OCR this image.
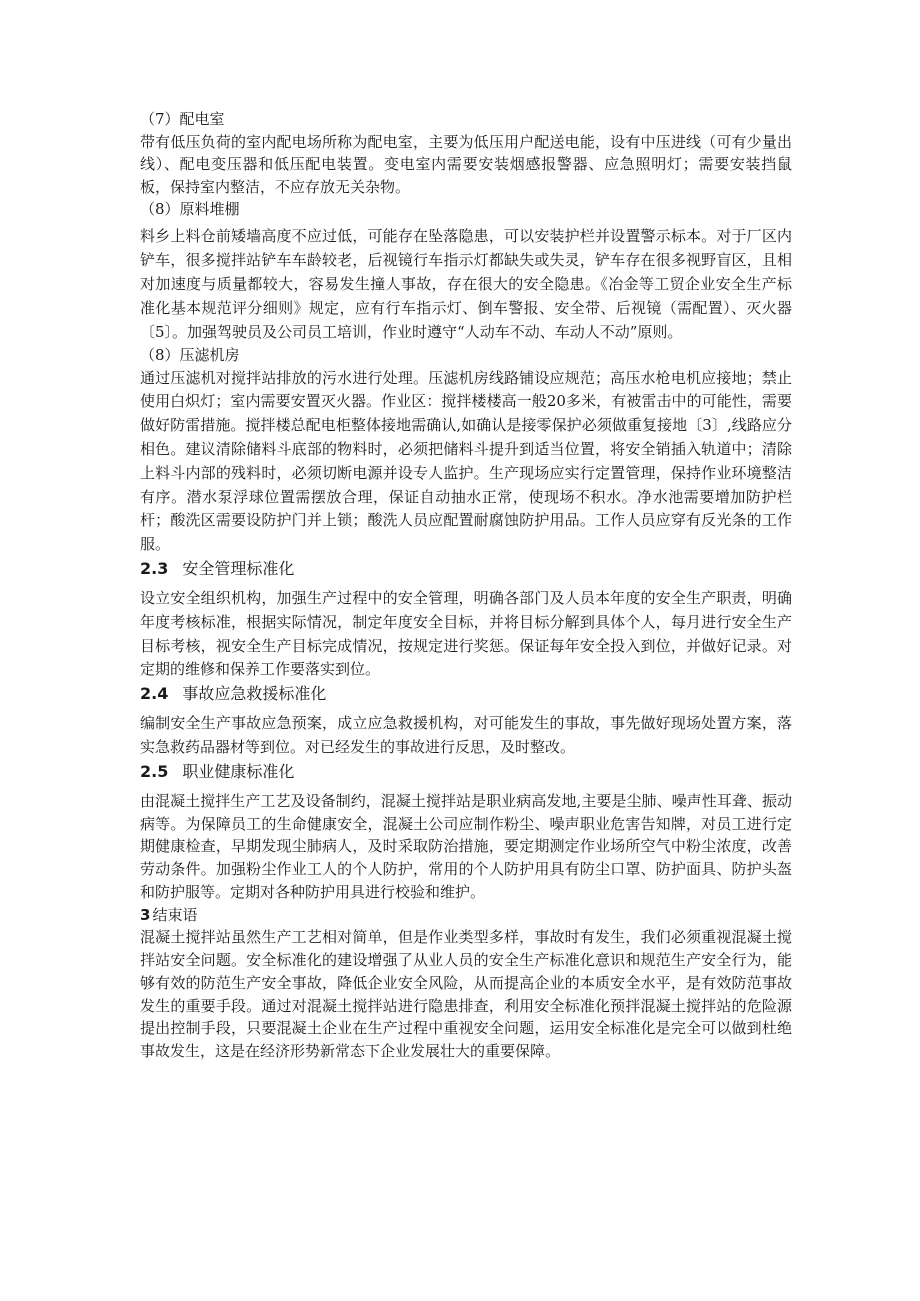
（7）配电室

带有低压负荷的室内配电场所称为配电室，主要为低压用户配送电能，设有中压进线（可有少量出线）、配电变压器和低压配电装置。变电室内需要安装烟感报警器、应急照明灯；需要安装挡鼠板，保持室内整洁，不应存放无关杂物。

（8）原料堆棚

料乡上料仓前矮墙高度不应过低，可能存在坠落隐患，可以安装护栏并设置警示标本。对于厂区内铲车，很多搅拌站铲车车龄较老，后视镜行车指示灯都缺失或失灵，铲车存在很多视野盲区，且相对加速度与质量都较大，容易发生撞人事故，存在很大的安全隐患。《冶金等工贸企业安全生产标准化基本规范评分细则》规定，应有行车指示灯、倒车警报、安全带、后视镜（需配置）、灭火器〔5〕。加强驾驶员及公司员工培训，作业时遵守“人动车不动、车动人不动”原则。

（8）压滤机房

通过压滤机对搅拌站排放的污水进行处理。压滤机房线路铺设应规范；高压水枪电机应接地；禁止使用白炽灯；室内需要安置灭火器。作业区：搅拌楼楼高一般20多米，有被雷击中的可能性，需要做好防雷措施。搅拌楼总配电柜整体接地需确认,如确认是接零保护必须做重复接地〔3〕,线路应分相色。建议清除储料斗底部的物料时，必须把储料斗提升到适当位置，将安全销插入轨道中；清除上料斗内部的残料时，必须切断电源并设专人监护。生产现场应实行定置管理，保持作业环境整洁有序。潜水泵浮球位置需摆放合理，保证自动抽水正常，使现场不积水。净水池需要增加防护栏杆；酸洗区需要设防护门并上锁；酸洗人员应配置耐腐蚀防护用品。工作人员应穿有反光条的工作服。

2.3 安全管理标准化

设立安全组织机构，加强生产过程中的安全管理，明确各部门及人员本年度的安全生产职责，明确年度考核标准，根据实际情况，制定年度安全目标，并将目标分解到具体个人，每月进行安全生产目标考核，视安全生产目标完成情况，按规定进行奖惩。保证每年安全投入到位，并做好记录。对定期的维修和保养工作要落实到位。

2.4 事故应急救援标准化

编制安全生产事故应急预案，成立应急救援机构，对可能发生的事故，事先做好现场处置方案，落实急救药品器材等到位。对已经发生的事故进行反思，及时整改。

2.5 职业健康标准化

由混凝土搅拌生产工艺及设备制约，混凝土搅拌站是职业病高发地,主要是尘肺、噪声性耳聋、振动病等。为保障员工的生命健康安全，混凝土公司应制作粉尘、噪声职业危害告知牌，对员工进行定期健康检查，早期发现尘肺病人，及时采取防治措施，要定期测定作业场所空气中粉尘浓度，改善劳动条件。加强粉尘作业工人的个人防护，常用的个人防护用具有防尘口罩、防护面具、防护头盔和防护服等。定期对各种防护用具进行校验和维护。

3 结束语

混凝土搅拌站虽然生产工艺相对简单，但是作业类型多样，事故时有发生，我们必须重视混凝土搅拌站安全问题。安全标准化的建设增强了从业人员的安全生产标准化意识和规范生产安全行为，能够有效的防范生产安全事故，降低企业安全风险，从而提高企业的本质安全水平，是有效防范事故发生的重要手段。通过对混凝土搅拌站进行隐患排查，利用安全标准化预拌混凝土搅拌站的危险源提出控制手段，只要混凝土企业在生产过程中重视安全问题，运用安全标准化是完全可以做到杜绝事故发生，这是在经济形势新常态下企业发展壮大的重要保障。
